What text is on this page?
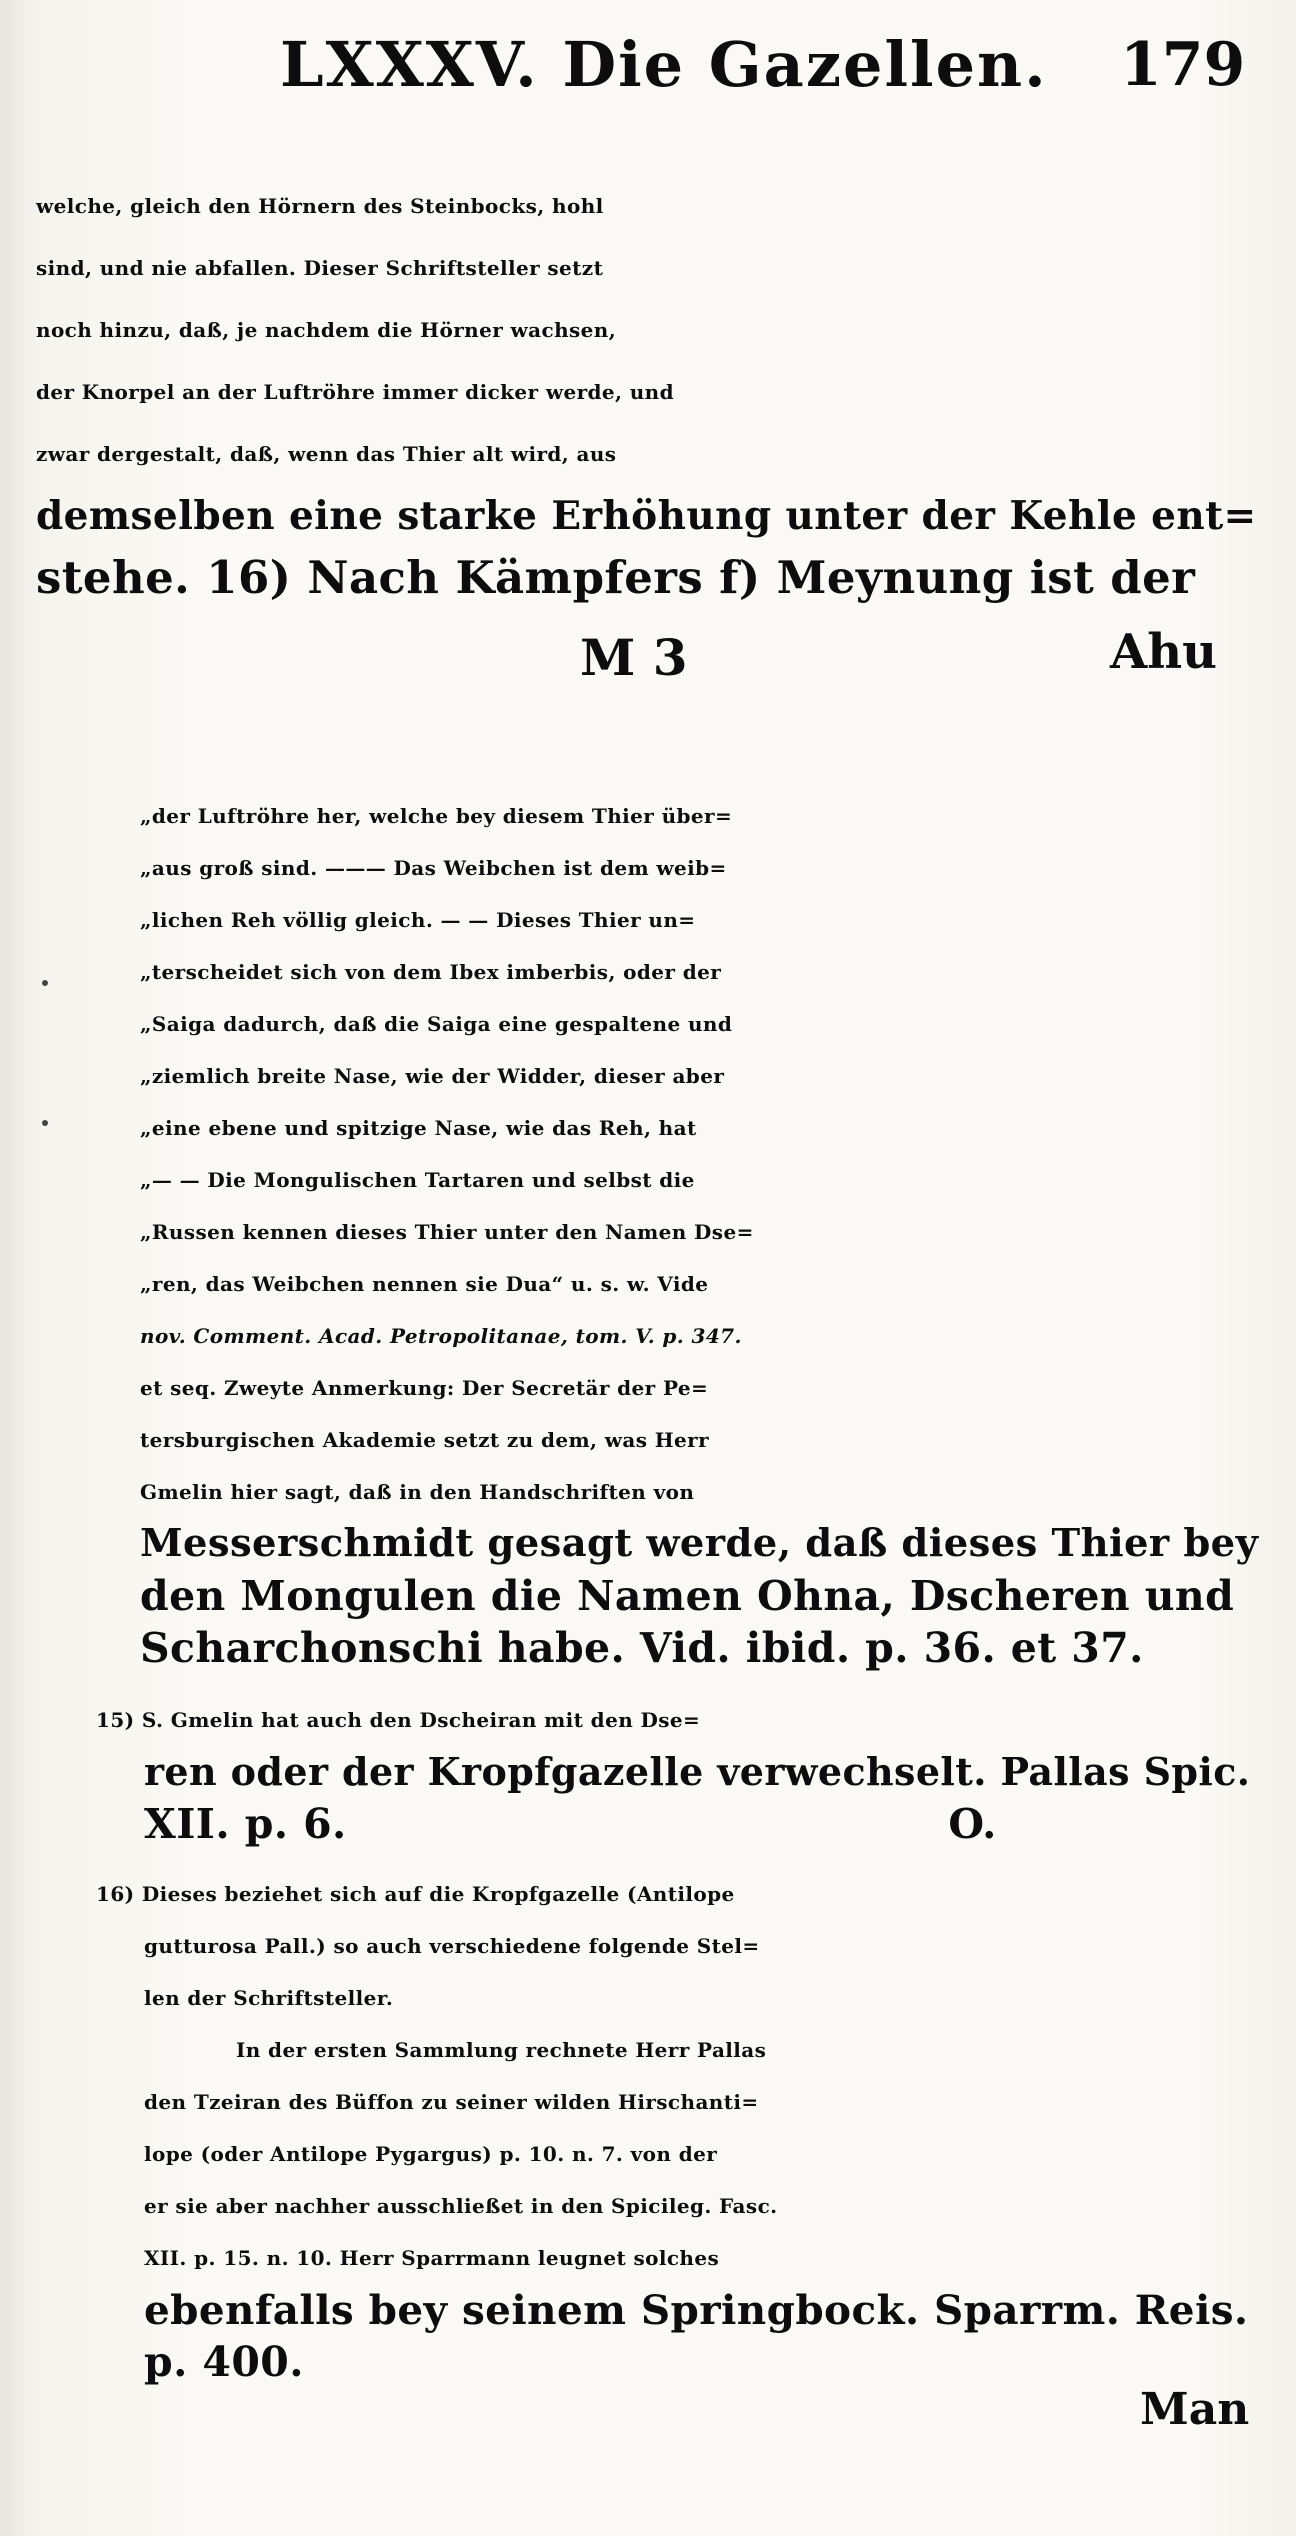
LXXXV. Die Gazellen. 179
welche, gleich den Hörnern des Steinbocks, hohl
sind, und nie abfallen. Dieser Schriftsteller setzt
noch hinzu, daß, je nachdem die Hörner wachsen,
der Knorpel an der Luftröhre immer dicker werde, und
zwar dergestalt, daß, wenn das Thier alt wird, aus
demselben eine starke Erhöhung unter der Kehle ent=
stehe. 16) Nach Kämpfers f) Meynung ist der
M 3	Ahu
„der Luftröhre her, welche bey diesem Thier über=
„aus groß sind. ——— Das Weibchen ist dem weib=
„lichen Reh völlig gleich. — — Dieses Thier un=
„terscheidet sich von dem Ibex imberbis, oder der
„Saiga dadurch, daß die Saiga eine gespaltene und
„ziemlich breite Nase, wie der Widder, dieser aber
„eine ebene und spitzige Nase, wie das Reh, hat
„— — Die Mongulischen Tartaren und selbst die
„Russen kennen dieses Thier unter den Namen Dse=
„ren, das Weibchen nennen sie Dua“ u. s. w. Vide
nov. Comment. Acad. Petropolitanae, tom. V. p. 347.
et seq. Zweyte Anmerkung: Der Secretär der Pe=
tersburgischen Akademie setzt zu dem, was Herr
Gmelin hier sagt, daß in den Handschriften von
Messerschmidt gesagt werde, daß dieses Thier bey
den Mongulen die Namen Ohna, Dscheren und
Scharchonschi habe. Vid. ibid. p. 36. et 37.
15) S. Gmelin hat auch den Dscheiran mit den Dse=
ren oder der Kropfgazelle verwechselt. Pallas Spic.
XII. p. 6.                                         O.
16) Dieses beziehet sich auf die Kropfgazelle (Antilope
gutturosa Pall.) so auch verschiedene folgende Stel=
len der Schriftsteller.
In der ersten Sammlung rechnete Herr Pallas
den Tzeiran des Büffon zu seiner wilden Hirschanti=
lope (oder Antilope Pygargus) p. 10. n. 7. von der
er sie aber nachher ausschließet in den Spicileg. Fasc.
XII. p. 15. n. 10. Herr Sparrmann leugnet solches
ebenfalls bey seinem Springbock. Sparrm. Reis.
p. 400.
Man
